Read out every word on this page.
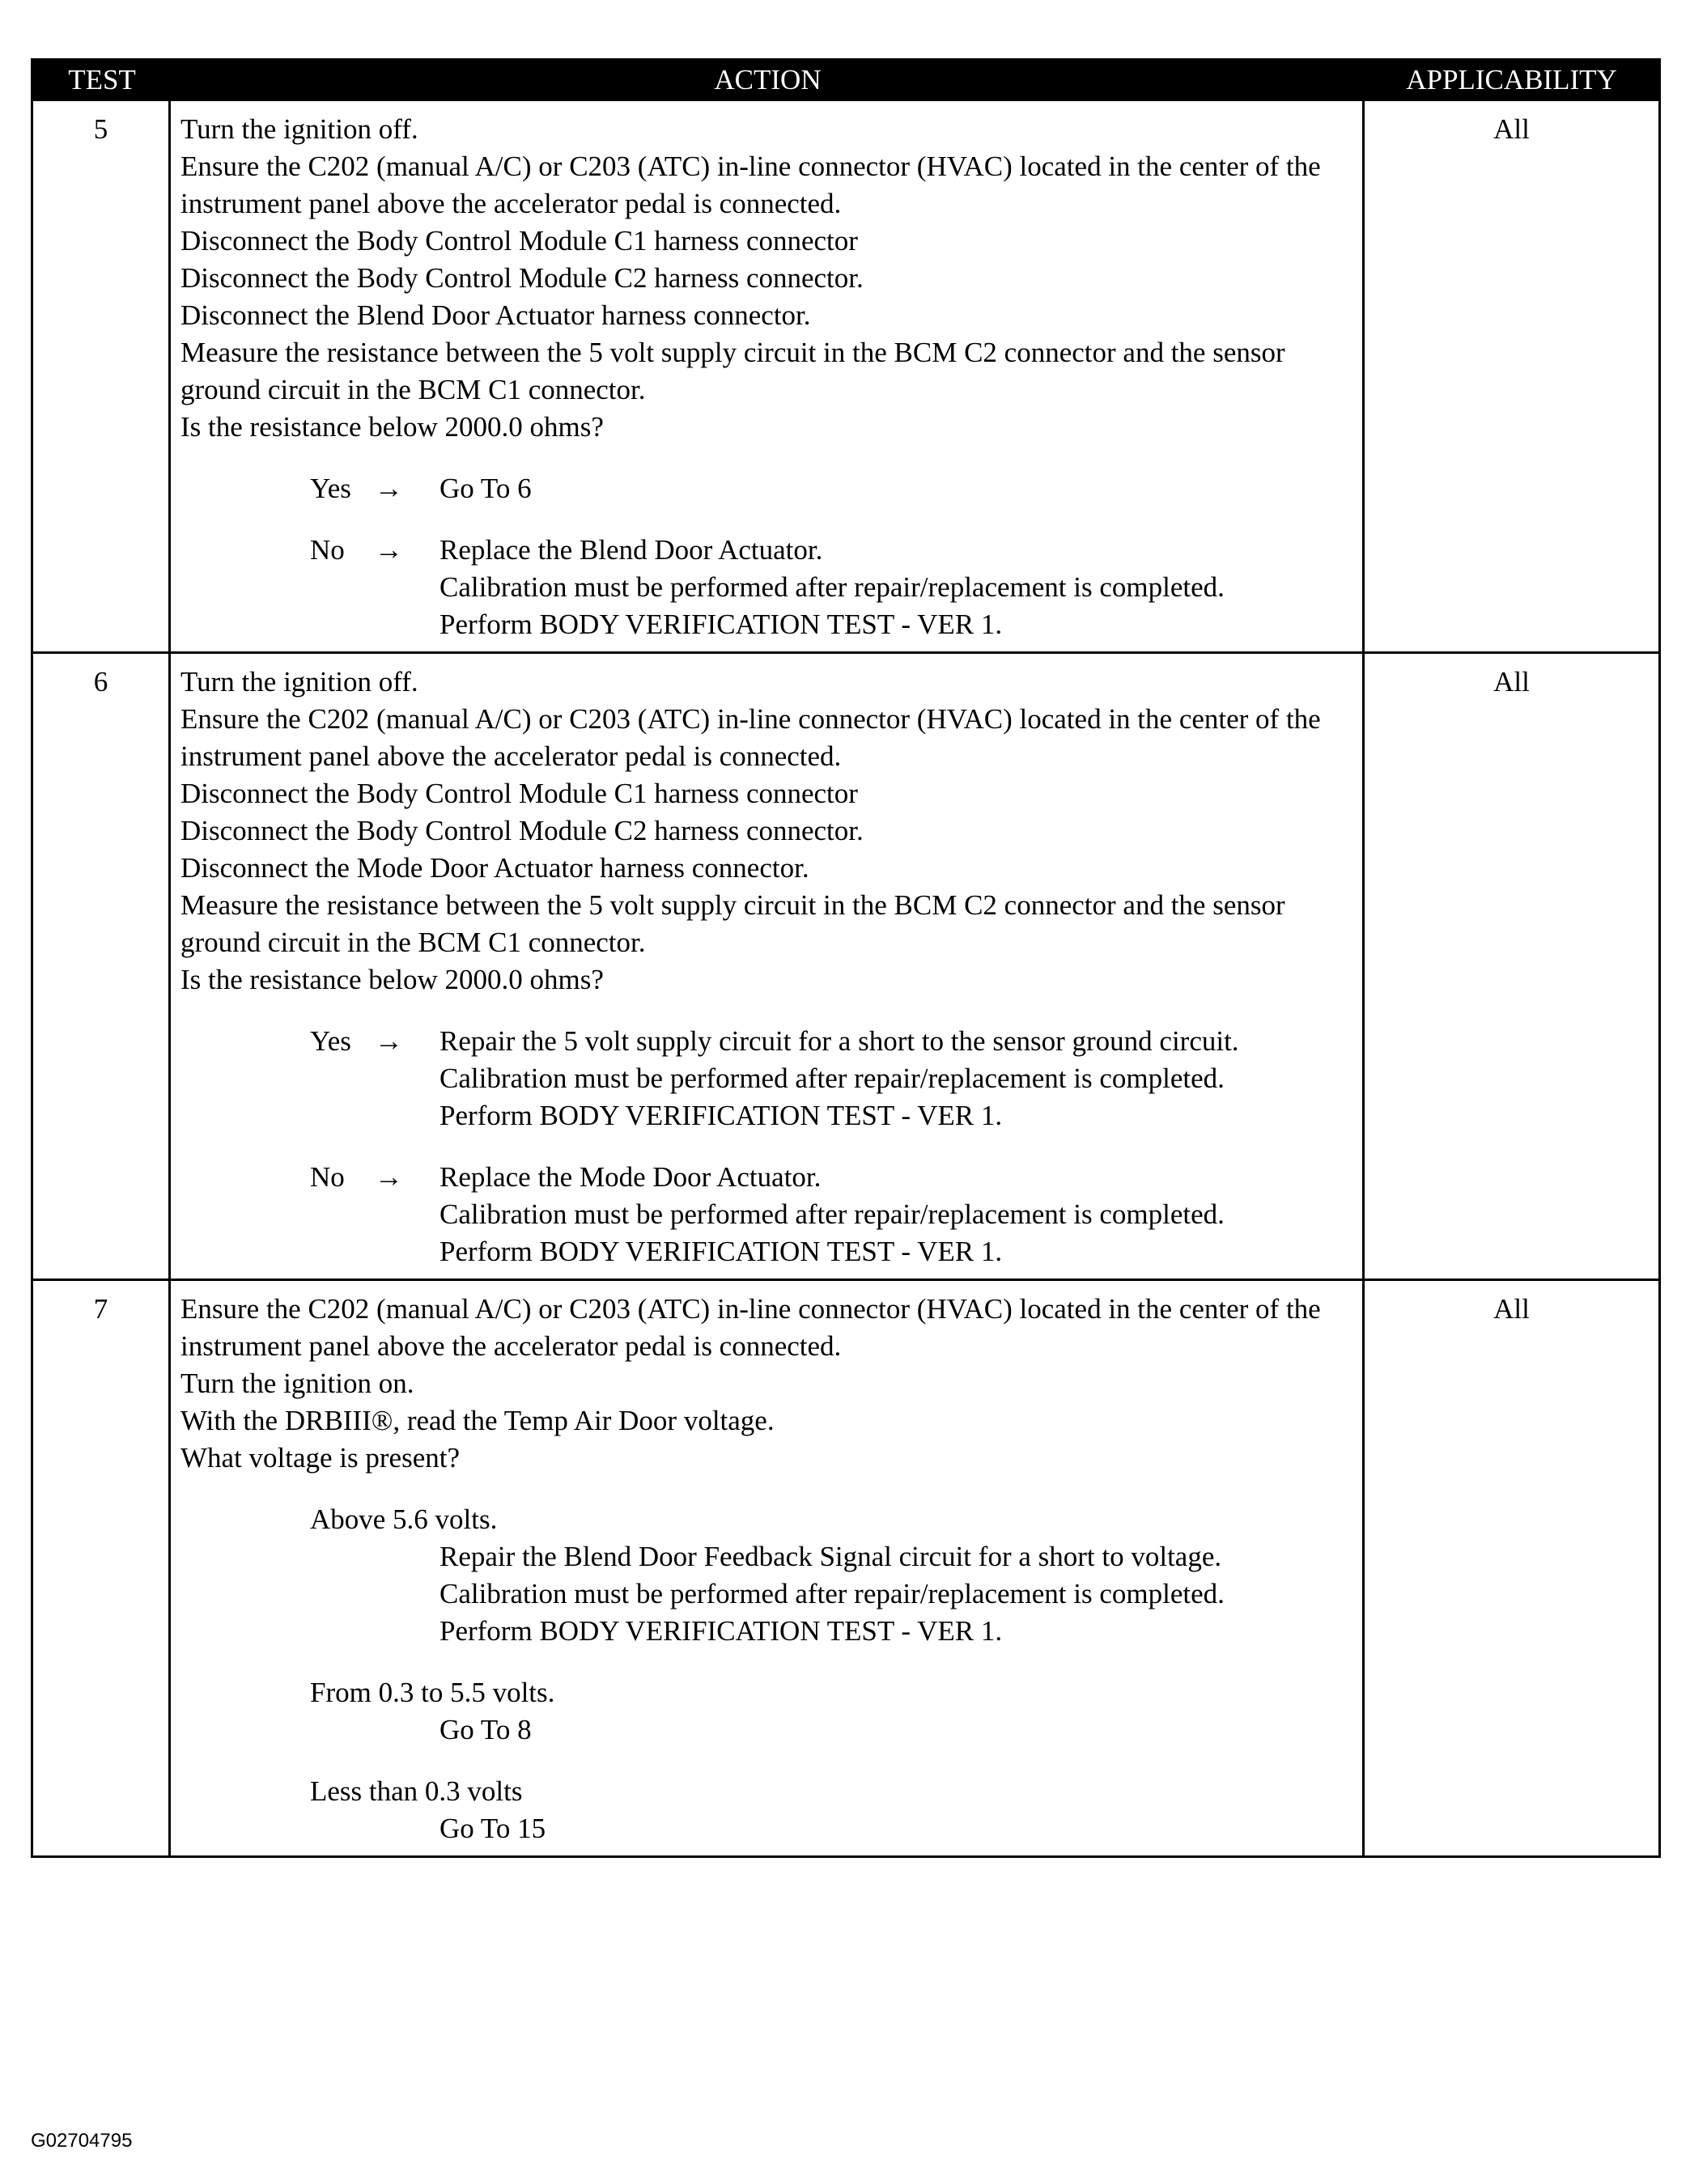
TEST	ACTION	APPLICABILITY
5	Turn the ignition off.
Ensure the C202 (manual A/C) or C203 (ATC) in-line connector (HVAC) located in the center of the instrument panel above the accelerator pedal is connected.
Disconnect the Body Control Module C1 harness connector
Disconnect the Body Control Module C2 harness connector.
Disconnect the Blend Door Actuator harness connector.
Measure the resistance between the 5 volt supply circuit in the BCM C2 connector and the sensor ground circuit in the BCM C1 connector.
Is the resistance below 2000.0 ohms?
Yes →	Go To 6
No	→	Replace the Blend Door Actuator.
Calibration must be performed after repair/replacement is completed.
Perform BODY VERIFICATION TEST - VER 1.
All
6	Turn the ignition off.
Ensure the C202 (manual A/C) or C203 (ATC) in-line connector (HVAC) located in the center of the instrument panel above the accelerator pedal is connected.
Disconnect the Body Control Module C1 harness connector
Disconnect the Body Control Module C2 harness connector.
Disconnect the Mode Door Actuator harness connector.
Measure the resistance between the 5 volt supply circuit in the BCM C2 connector and the sensor ground circuit in the BCM C1 connector.
Is the resistance below 2000.0 ohms?
Yes →	Repair the 5 volt supply circuit for a short to the sensor ground circuit.
Calibration must be performed after repair/replacement is completed.
Perform BODY VERIFICATION TEST - VER 1.
No	→	Replace the Mode Door Actuator.
Calibration must be performed after repair/replacement is completed.
Perform BODY VERIFICATION TEST - VER 1.
All
7	Ensure the C202 (manual A/C) or C203 (ATC) in-line connector (HVAC) located in the center of the instrument panel above the accelerator pedal is connected.
Turn the ignition on.
With the DRBIII®, read the Temp Air Door voltage.
What voltage is present?
Above 5.6 volts.
Repair the Blend Door Feedback Signal circuit for a short to voltage.
Calibration must be performed after repair/replacement is completed.
Perform BODY VERIFICATION TEST - VER 1.
From 0.3 to 5.5 volts.
Go To 8
Less than 0.3 volts
Go To 15
All
G02704795
